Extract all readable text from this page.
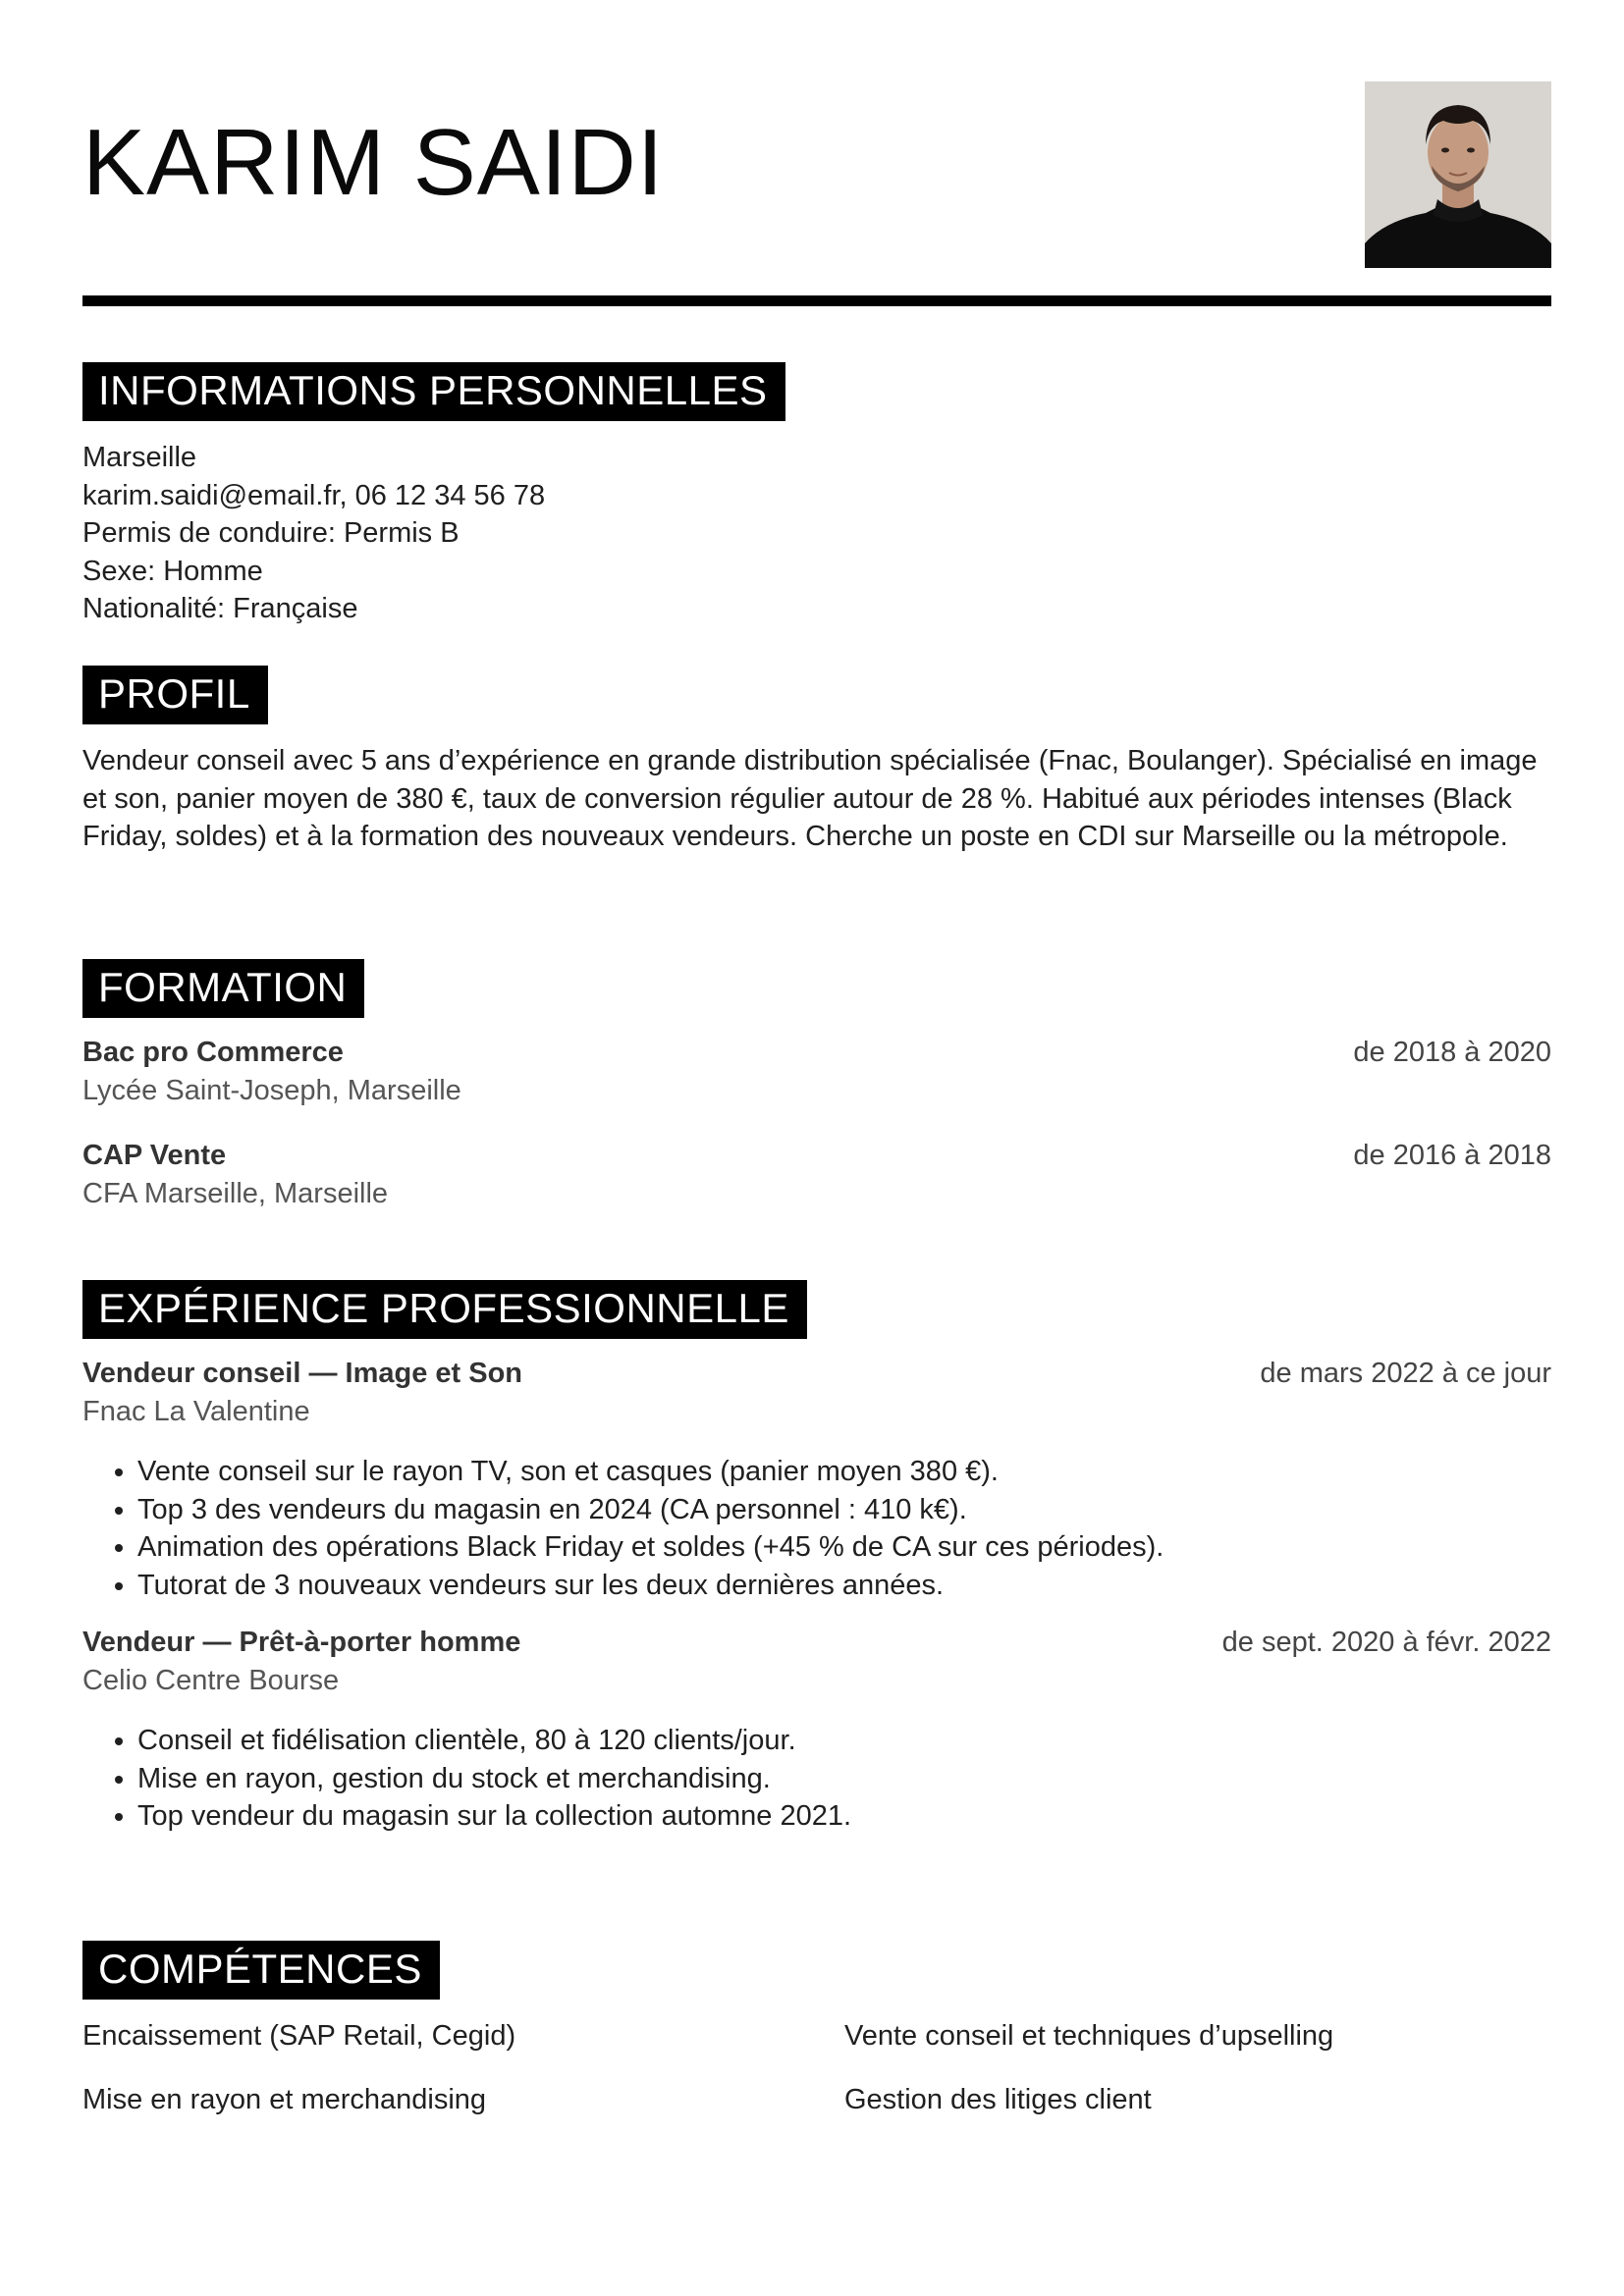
KARIM SAIDI
INFORMATIONS PERSONNELLES
Marseille
karim.saidi@email.fr, 06 12 34 56 78
Permis de conduire: Permis B
Sexe: Homme
Nationalité: Française
PROFIL
Vendeur conseil avec 5 ans d’expérience en grande distribution spécialisée (Fnac, Boulanger). Spécialisé en image et son, panier moyen de 380 €, taux de conversion régulier autour de 28 %. Habitué aux périodes intenses (Black Friday, soldes) et à la formation des nouveaux vendeurs. Cherche un poste en CDI sur Marseille ou la métropole.
FORMATION
Bac pro Commerce	de 2018 à 2020
Lycée Saint-Joseph, Marseille
CAP Vente	de 2016 à 2018
CFA Marseille, Marseille
EXPÉRIENCE PROFESSIONNELLE
Vendeur conseil — Image et Son	de mars 2022 à ce jour
Fnac La Valentine
• Vente conseil sur le rayon TV, son et casques (panier moyen 380 €).
• Top 3 des vendeurs du magasin en 2024 (CA personnel : 410 k€).
• Animation des opérations Black Friday et soldes (+45 % de CA sur ces périodes).
• Tutorat de 3 nouveaux vendeurs sur les deux dernières années.
Vendeur — Prêt-à-porter homme	de sept. 2020 à févr. 2022
Celio Centre Bourse
• Conseil et fidélisation clientèle, 80 à 120 clients/jour.
• Mise en rayon, gestion du stock et merchandising.
• Top vendeur du magasin sur la collection automne 2021.
COMPÉTENCES
Encaissement (SAP Retail, Cegid)	Vente conseil et techniques d’upselling
Mise en rayon et merchandising	Gestion des litiges client
